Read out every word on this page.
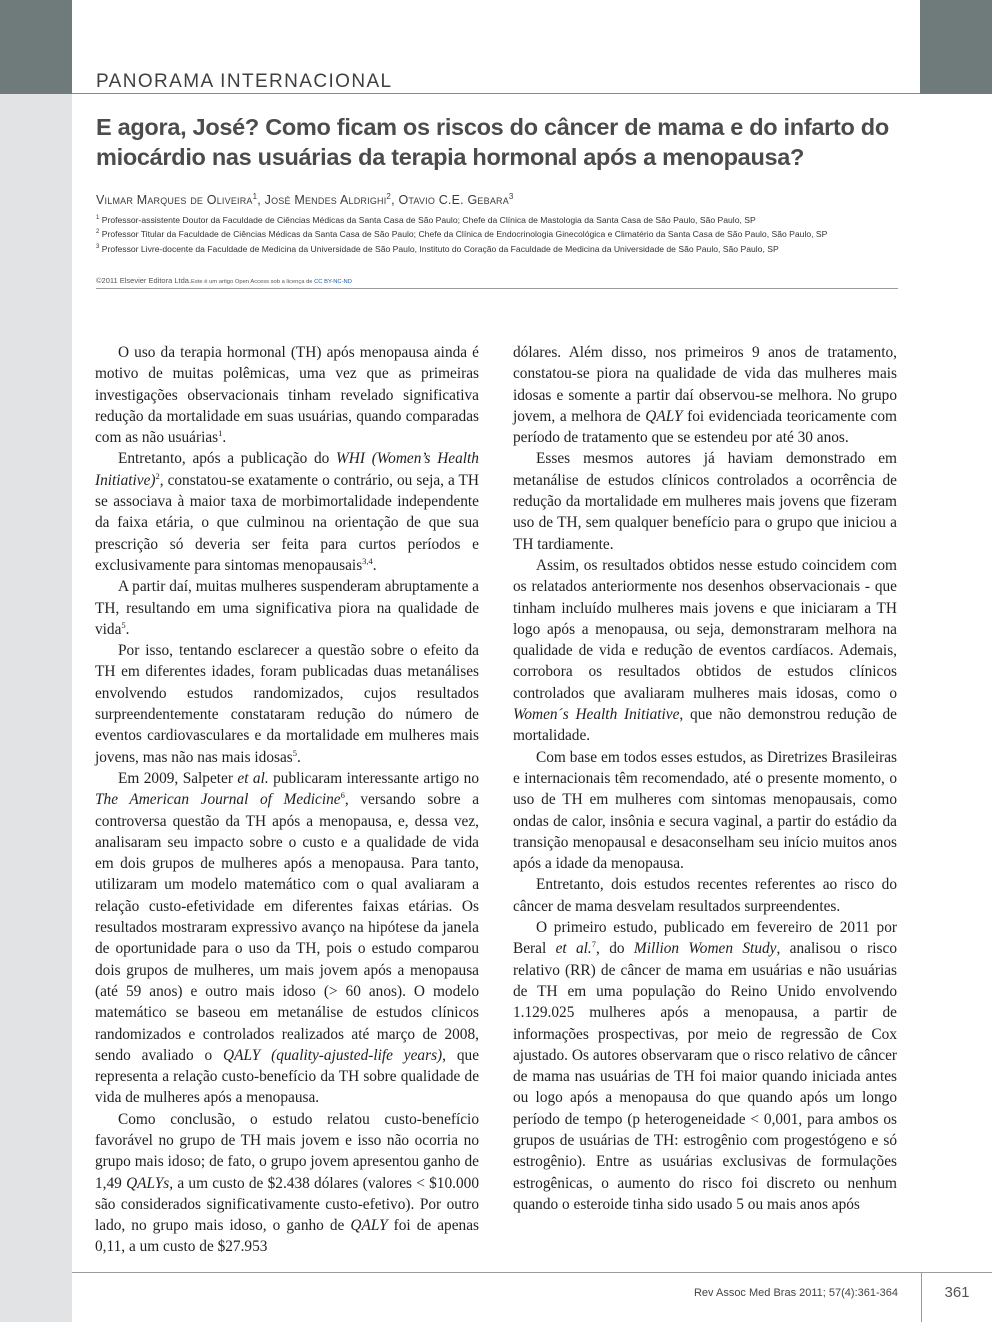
PANORAMA INTERNACIONAL
E agora, José? Como ficam os riscos do câncer de mama e do infarto do miocárdio nas usuárias da terapia hormonal após a menopausa?
Vilmar Marques de Oliveira$^1$, José Mendes Aldrighi$^2$, Otavio C.E. Gebara$^3$

$^1$ Professor-assistente Doutor da Faculdade de Ciências Médicas da Santa Casa de São Paulo; Chefe da Clínica de Mastologia da Santa Casa de São Paulo, São Paulo, SP

$^2$ Professor Titular da Faculdade de Ciências Médicas da Santa Casa de São Paulo; Chefe da Clínica de Endocrinologia Ginecológica e Climatério da Santa Casa de São Paulo, São Paulo, SP

$^3$ Professor Livre-docente da Faculdade de Medicina da Universidade de São Paulo, Instituto do Coração da Faculdade de Medicina da Universidade de São Paulo, São Paulo, SP

©2011 Elsevier Editora Ltda.Este é um artigo Open Access sob a licença de CC BY-NC-ND

O uso da terapia hormonal (TH) após menopausa ainda é motivo de muitas polêmicas, uma vez que as primeiras investigações observacionais tinham revelado significativa redução da mortalidade em suas usuárias, quando comparadas com as não usuárias$^1$.

Entretanto, após a publicação do WHI (Women’s Health Initiative)$^2$, constatou-se exatamente o contrário, ou seja, a TH se associava à maior taxa de morbimortalidade independente da faixa etária, o que culminou na orientação de que sua prescrição só deveria ser feita para curtos períodos e exclusivamente para sintomas menopausais$^{3,4}$.

A partir daí, muitas mulheres suspenderam abruptamente a TH, resultando em uma significativa piora na qualidade de vida$^5$.

Por isso, tentando esclarecer a questão sobre o efeito da TH em diferentes idades, foram publicadas duas metanálises envolvendo estudos randomizados, cujos resultados surpreendentemente constataram redução do número de eventos cardiovasculares e da mortalidade em mulheres mais jovens, mas não nas mais idosas$^5$.

Em 2009, Salpeter et al. publicaram interessante artigo no The American Journal of Medicine$^6$, versando sobre a controversa questão da TH após a menopausa, e, dessa vez, analisaram seu impacto sobre o custo e a qualidade de vida em dois grupos de mulheres após a menopausa. Para tanto, utilizaram um modelo matemático com o qual avaliaram a relação custo-efetividade em diferentes faixas etárias. Os resultados mostraram expressivo avanço na hipótese da janela de oportunidade para o uso da TH, pois o estudo comparou dois grupos de mulheres, um mais jovem após a menopausa (até 59 anos) e outro mais idoso (> 60 anos). O modelo matemático se baseou em metanálise de estudos clínicos randomizados e controlados realizados até março de 2008, sendo avaliado o QALY (quality-ajusted-life years), que representa a relação custo-benefício da TH sobre qualidade de vida de mulheres após a menopausa.

Como conclusão, o estudo relatou custo-benefício favorável no grupo de TH mais jovem e isso não ocorria no grupo mais idoso; de fato, o grupo jovem apresentou ganho de 1,49 QALYs, a um custo de $2.438 dólares (valores < $10.000 são considerados significativamente custo-efetivo). Por outro lado, no grupo mais idoso, o ganho de QALY foi de apenas 0,11, a um custo de $27.953

dólares. Além disso, nos primeiros 9 anos de tratamento, constatou-se piora na qualidade de vida das mulheres mais idosas e somente a partir daí observou-se melhora. No grupo jovem, a melhora de QALY foi evidenciada teoricamente com período de tratamento que se estendeu por até 30 anos.

Esses mesmos autores já haviam demonstrado em metanálise de estudos clínicos controlados a ocorrência de redução da mortalidade em mulheres mais jovens que fizeram uso de TH, sem qualquer benefício para o grupo que iniciou a TH tardiamente.

Assim, os resultados obtidos nesse estudo coincidem com os relatados anteriormente nos desenhos observacionais - que tinham incluído mulheres mais jovens e que iniciaram a TH logo após a menopausa, ou seja, demonstraram melhora na qualidade de vida e redução de eventos cardíacos. Ademais, corrobora os resultados obtidos de estudos clínicos controlados que avaliaram mulheres mais idosas, como o Women´s Health Initiative, que não demonstrou redução de mortalidade.

Com base em todos esses estudos, as Diretrizes Brasileiras e internacionais têm recomendado, até o presente momento, o uso de TH em mulheres com sintomas menopausais, como ondas de calor, insônia e secura vaginal, a partir do estádio da transição menopausal e desaconselham seu início muitos anos após a idade da menopausa.

Entretanto, dois estudos recentes referentes ao risco do câncer de mama desvelam resultados surpreendentes.

O primeiro estudo, publicado em fevereiro de 2011 por Beral et al.$^7$, do Million Women Study, analisou o risco relativo (RR) de câncer de mama em usuárias e não usuárias de TH em uma população do Reino Unido envolvendo 1.129.025 mulheres após a menopausa, a partir de informações prospectivas, por meio de regressão de Cox ajustado. Os autores observaram que o risco relativo de câncer de mama nas usuárias de TH foi maior quando iniciada antes ou logo após a menopausa do que quando após um longo período de tempo (p heterogeneidade < 0,001, para ambos os grupos de usuárias de TH: estrogênio com progestógeno e só estrogênio). Entre as usuárias exclusivas de formulações estrogênicas, o aumento do risco foi discreto ou nenhum quando o esteroide tinha sido usado 5 ou mais anos após

Rev Assoc Med Bras 2011; 57(4):361-364	361
